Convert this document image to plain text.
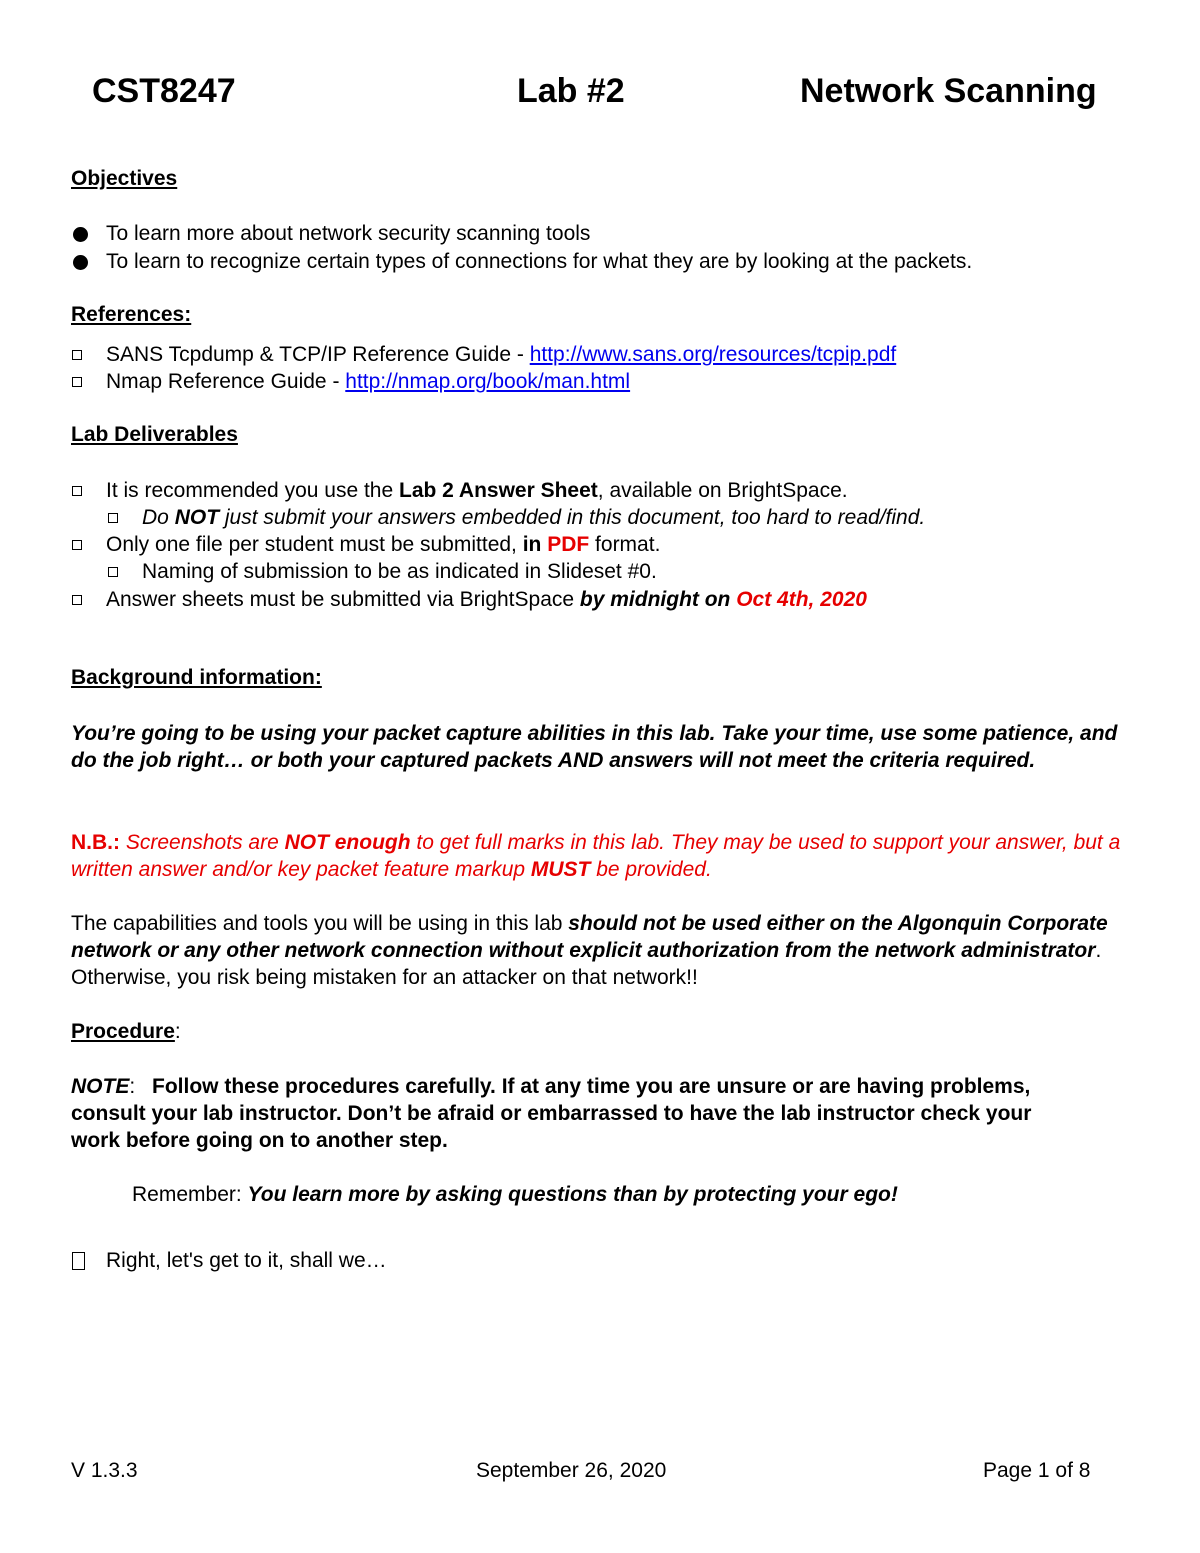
CST8247	Lab #2	Network Scanning
Objectives
To learn more about network security scanning tools
To learn to recognize certain types of connections for what they are by looking at the packets.
References:
SANS Tcpdump & TCP/IP Reference Guide - http://www.sans.org/resources/tcpip.pdf
Nmap Reference Guide - http://nmap.org/book/man.html
Lab Deliverables
It is recommended you use the Lab 2 Answer Sheet, available on BrightSpace.
Do NOT just submit your answers embedded in this document, too hard to read/find.
Only one file per student must be submitted, in PDF format.
Naming of submission to be as indicated in Slideset #0.
Answer sheets must be submitted via BrightSpace by midnight on Oct 4th, 2020
Background information:
You’re going to be using your packet capture abilities in this lab. Take your time, use some patience, and do the job right… or both your captured packets AND answers will not meet the criteria required.
N.B.: Screenshots are NOT enough to get full marks in this lab. They may be used to support your answer, but a written answer and/or key packet feature markup MUST be provided.
The capabilities and tools you will be using in this lab should not be used either on the Algonquin Corporate network or any other network connection without explicit authorization from the network administrator. Otherwise, you risk being mistaken for an attacker on that network!!
Procedure:
NOTE: Follow these procedures carefully. If at any time you are unsure or are having problems, consult your lab instructor. Don’t be afraid or embarrassed to have the lab instructor check your work before going on to another step.
Remember: You learn more by asking questions than by protecting your ego!
Right, let's get to it, shall we…
V 1.3.3	September 26, 2020	Page 1 of 8
